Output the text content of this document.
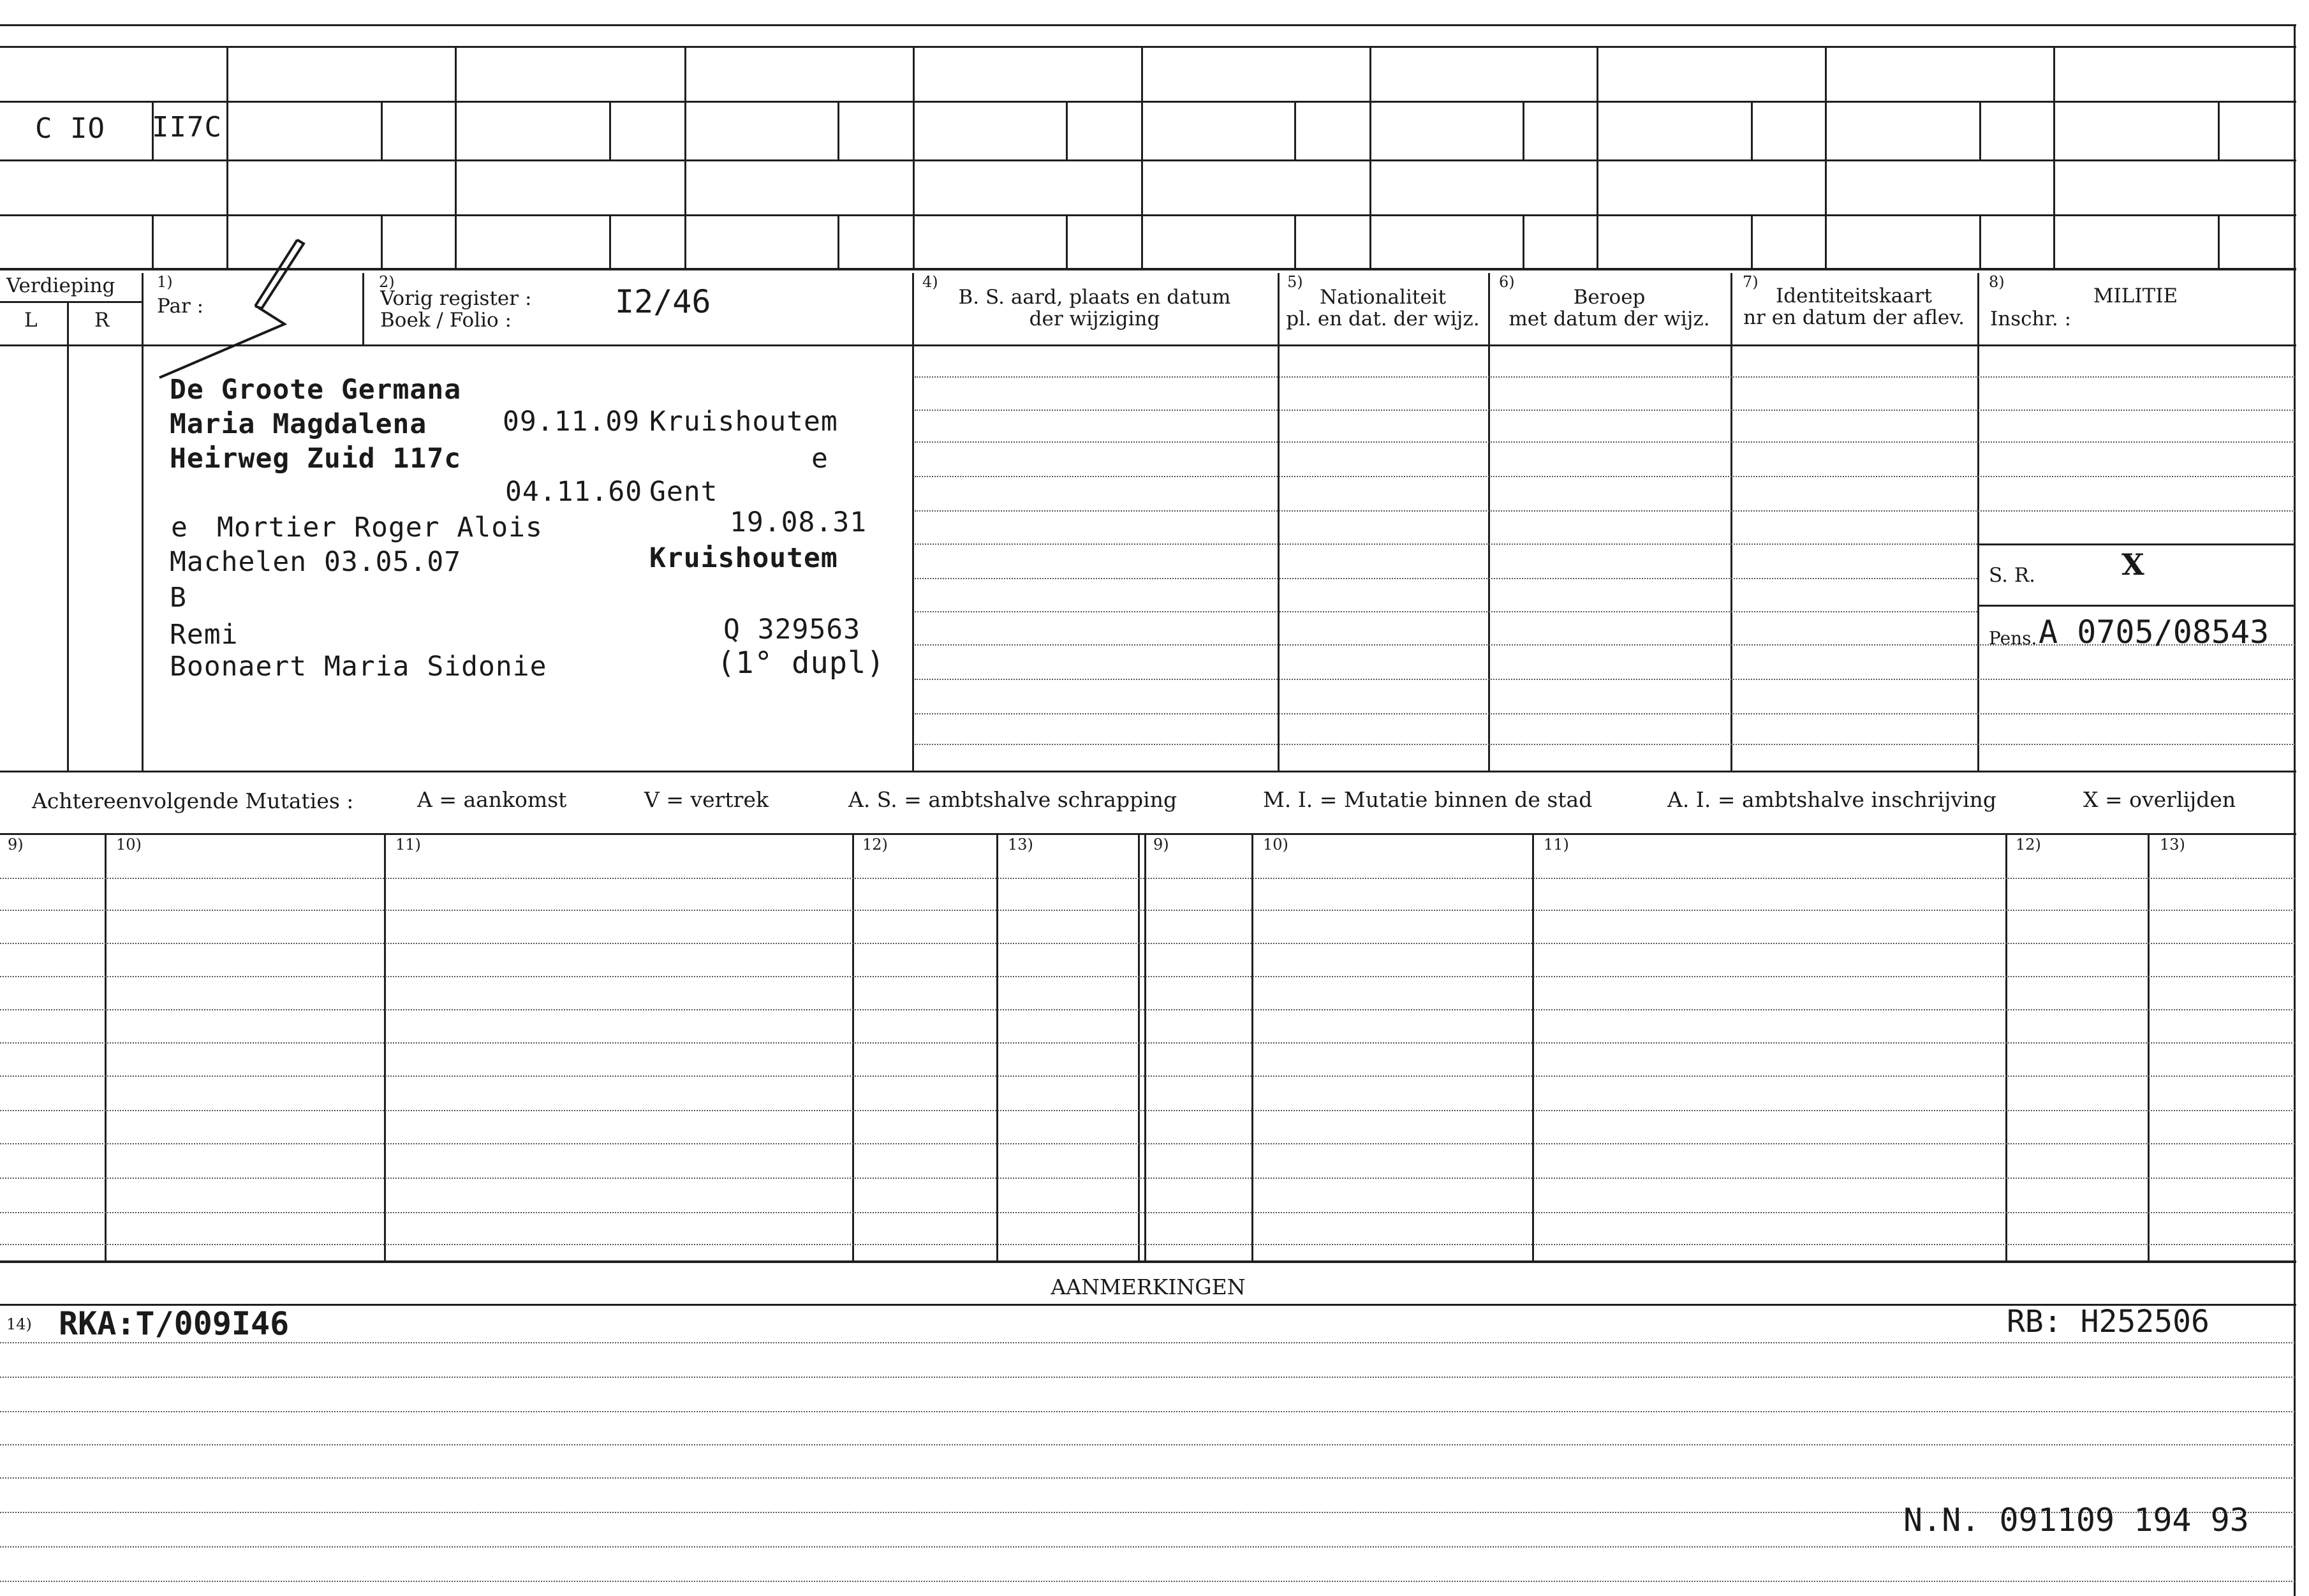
C IO II7C
Verdieping
L	R
1)
Par :
2)
Vorig register :
Boek / Folio :	I2/46
4)
B. S. aard, plaats en datum
der wijziging
5)
Nationaliteit
pl. en dat. der wijz.
6)
Beroep
met datum der wijz.
7)
Identiteitskaart
nr en datum der aflev.
8)
MILITIE
Inschr. :
De Groote Germana
Maria Magdalena	09.11.09 Kruishoutem
Heirweg Zuid 117c	e
04.11.60 Gent
e Mortier Roger Alois	19.08.31
Machelen 03.05.07	Kruishoutem
B
Remi	Q 329563
(1° dupl)
Boonaert Maria Sidonie
S. R.	X
Pens. A 0705/08543
Achtereenvolgende Mutaties :	A = aankomst	V = vertrek	A. S. = ambtshalve schrapping	M. I. = Mutatie binnen de stad	A. I. = ambtshalve inschrijving	X = overlijden
9)	10)	11)	12)	13)	9)	10)	11)	12)	13)
AANMERKINGEN
14) RKA:T/009I46	RB: H252506
N.N. 091109 194 93
